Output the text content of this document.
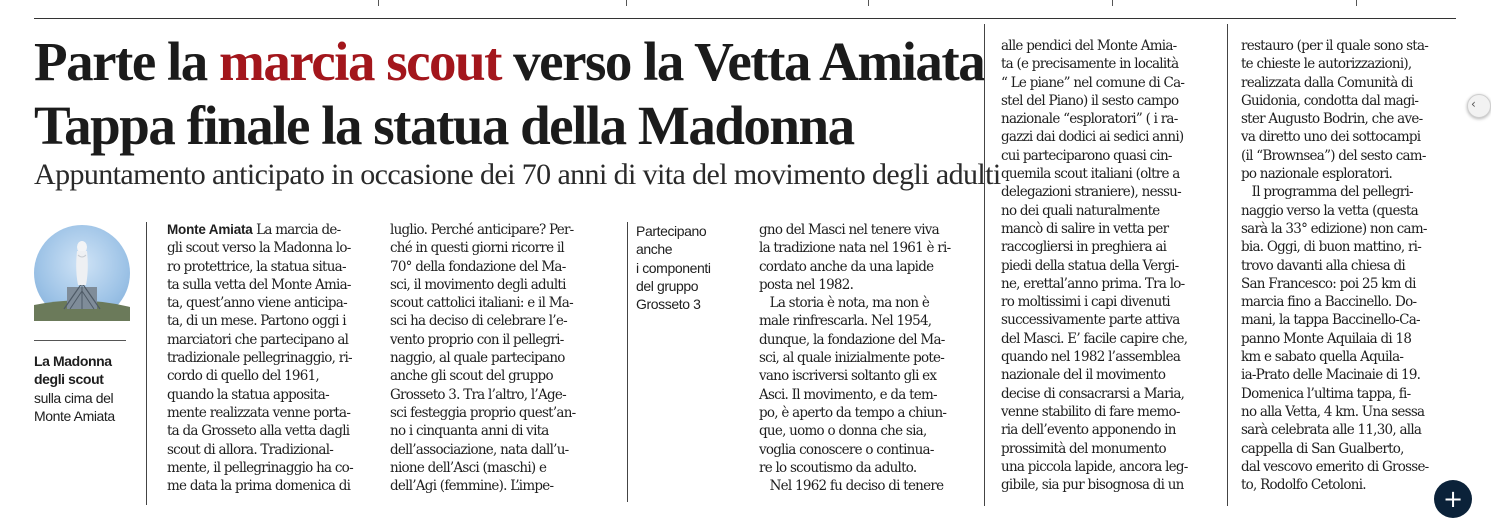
Parte la marcia scout verso la Vetta Amiata
Tappa finale la statua della Madonna
Appuntamento anticipato in occasione dei 70 anni di vita del movimento degli adulti
La Madonna degli scout
sulla cima del Monte Amiata
Monte Amiata La marcia de-
gli scout verso la Madonna lo-
ro protettrice, la statua situa-
ta sulla vetta del Monte Amia-
ta, quest’anno viene anticipa-
ta, di un mese. Partono oggi i
marciatori che partecipano al
tradizionale pellegrinaggio, ri-
cordo di quello del 1961,
quando la statua apposita-
mente realizzata venne porta-
ta da Grosseto alla vetta dagli
scout di allora. Tradizional-
mente, il pellegrinaggio ha co-
me data la prima domenica di
luglio. Perché anticipare? Per-
ché in questi giorni ricorre il
70° della fondazione del Ma-
sci, il movimento degli adulti
scout cattolici italiani: e il Ma-
sci ha deciso di celebrare l’e-
vento proprio con il pellegri-
naggio, al quale partecipano
anche gli scout del gruppo
Grosseto 3. Tra l’altro, l’Age-
sci festeggia proprio quest’an-
no i cinquanta anni di vita
dell’associazione, nata dall’u-
nione dell’Asci (maschi) e
dell’Agi (femmine). L’impe-
Partecipano
anche
i componenti
del gruppo
Grosseto 3
gno del Masci nel tenere viva
la tradizione nata nel 1961 è ri-
cordato anche da una lapide
posta nel 1982.
La storia è nota, ma non è
male rinfrescarla. Nel 1954,
dunque, la fondazione del Ma-
sci, al quale inizialmente pote-
vano iscriversi soltanto gli ex
Asci. Il movimento, e da tem-
po, è aperto da tempo a chiun-
que, uomo o donna che sia,
voglia conoscere o continua-
re lo scoutismo da adulto.
Nel 1962 fu deciso di tenere
alle pendici del Monte Amia-
ta (e precisamente in località
“ Le piane” nel comune di Ca-
stel del Piano) il sesto campo
nazionale “esploratori” ( i ra-
gazzi dai dodici ai sedici anni)
cui parteciparono quasi cin-
quemila scout italiani (oltre a
delegazioni straniere), nessu-
no dei quali naturalmente
mancò di salire in vetta per
raccogliersi in preghiera ai
piedi della statua della Vergi-
ne, erettal’anno prima. Tra lo-
ro moltissimi i capi divenuti
successivamente parte attiva
del Masci. E’ facile capire che,
quando nel 1982 l’assemblea
nazionale del il movimento
decise di consacrarsi a Maria,
venne stabilito di fare memo-
ria dell’evento apponendo in
prossimità del monumento
una piccola lapide, ancora leg-
gibile, sia pur bisognosa di un
restauro (per il quale sono sta-
te chieste le autorizzazioni),
realizzata dalla Comunità di
Guidonia, condotta dal magi-
ster Augusto Bodrin, che ave-
va diretto uno dei sottocampi
(il “Brownsea”) del sesto cam-
po nazionale esploratori.
Il programma del pellegri-
naggio verso la vetta (questa
sarà la 33° edizione) non cam-
bia. Oggi, di buon mattino, ri-
trovo davanti alla chiesa di
San Francesco: poi 25 km di
marcia fino a Baccinello. Do-
mani, la tappa Baccinello-Ca-
panno Monte Aquilaia di 18
km e sabato quella Aquila-
ia-Prato delle Macinaie di 19.
Domenica l’ultima tappa, fi-
no alla Vetta, 4 km. Una sessa
sarà celebrata alle 11,30, alla
cappella di San Gualberto,
dal vescovo emerito di Grosse-
to, Rodolfo Cetoloni.
‹
+
